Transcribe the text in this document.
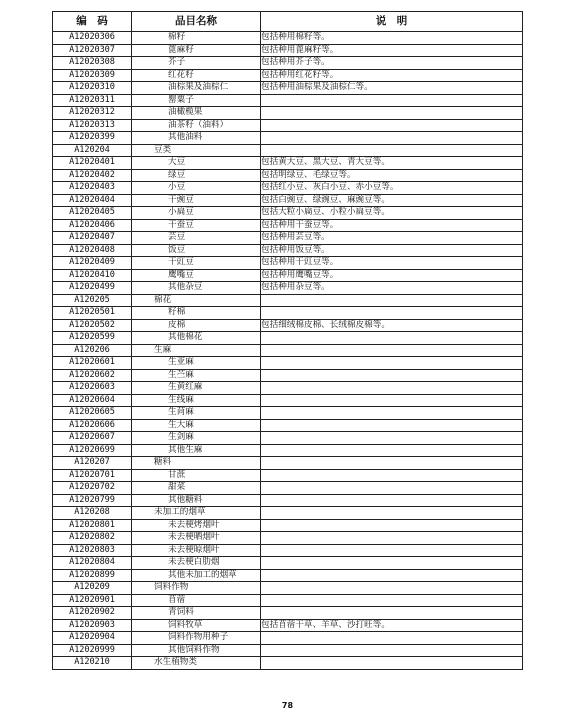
编　码	品目名称	说　明
A12020306	棉籽	包括种用棉籽等。
A12020307	蓖麻籽	包括种用蓖麻籽等。
A12020308	芥子	包括种用芥子等。
A12020309	红花籽	包括种用红花籽等。
A12020310	油棕果及油棕仁	包括种用油棕果及油棕仁等。
A12020311	罂粟子	
A12020312	油橄榄果	
A12020313	油茶籽（油料）	
A12020399	其他油料	
A120204	豆类	
A12020401	大豆	包括黄大豆、黑大豆、青大豆等。
A12020402	绿豆	包括明绿豆、毛绿豆等。
A12020403	小豆	包括红小豆、灰白小豆、赤小豆等。
A12020404	干豌豆	包括白豌豆、绿豌豆、麻豌豆等。
A12020405	小扁豆	包括大粒小扁豆、小粒小扁豆等。
A12020406	干蚕豆	包括种用干蚕豆等。
A12020407	芸豆	包括种用芸豆等。
A12020408	饭豆	包括种用饭豆等。
A12020409	干豇豆	包括种用干豇豆等。
A12020410	鹰嘴豆	包括种用鹰嘴豆等。
A12020499	其他杂豆	包括种用杂豆等。
A120205	棉花	
A12020501	籽棉	
A12020502	皮棉	包括细绒棉皮棉、长绒棉皮棉等。
A12020599	其他棉花	
A120206	生麻	
A12020601	生亚麻	
A12020602	生苎麻	
A12020603	生黄红麻	
A12020604	生线麻	
A12020605	生苘麻	
A12020606	生大麻	
A12020607	生剑麻	
A12020699	其他生麻	
A120207	糖料	
A12020701	甘蔗	
A12020702	甜菜	
A12020799	其他糖料	
A120208	未加工的烟草	
A12020801	未去梗烤烟叶	
A12020802	未去梗晒烟叶	
A12020803	未去梗晾烟叶	
A12020804	未去梗白肋烟	
A12020899	其他未加工的烟草	
A120209	饲料作物	
A12020901	苜蓿	
A12020902	青饲料	
A12020903	饲料牧草	包括苜蓿干草、羊草、沙打旺等。
A12020904	饲料作物用种子	
A12020999	其他饲料作物	
A120210	水生植物类	
78
